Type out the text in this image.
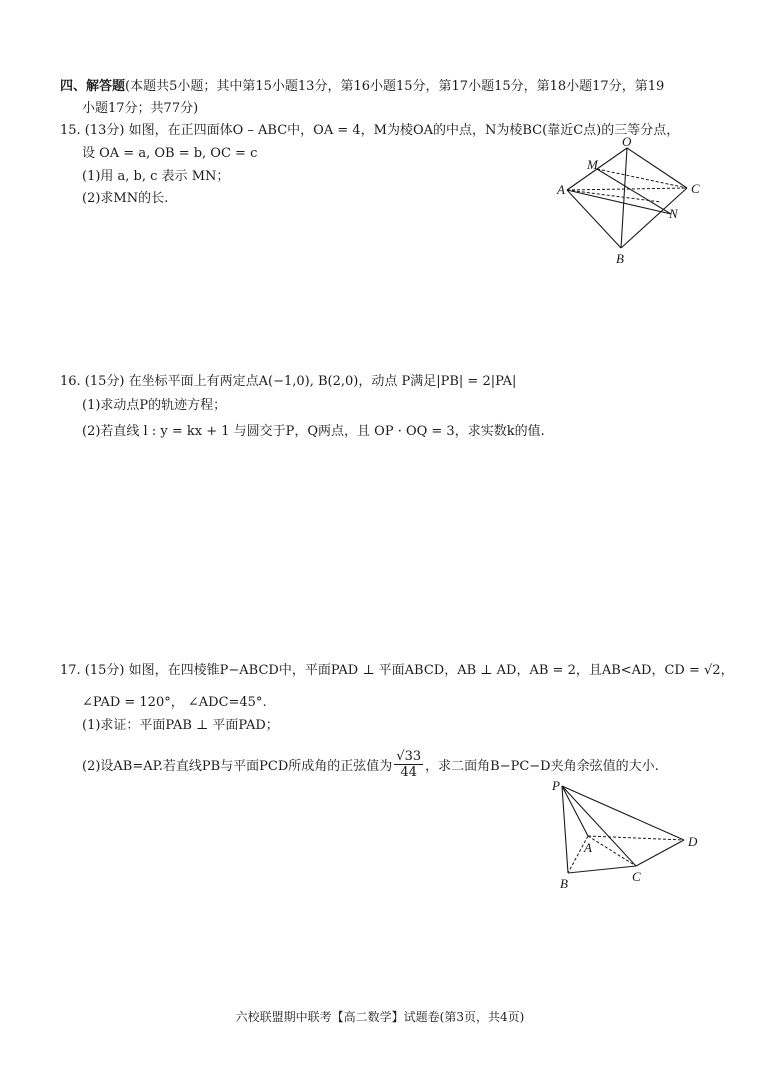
四、解答题(本题共5小题；其中第15小题13分，第16小题15分，第17小题15分，第18小题17分，第19
小题17分；共77分)
15. (13分) 如图，在正四面体O – ABC中，OA = 4，M为棱OA的中点，N为棱BC(靠近C点)的三等分点，
设 OA = a, OB = b, OC = c
(1)用 a, b, c 表示 MN；
(2)求MN的长.
O
M
A	C
N
B
16. (15分) 在坐标平面上有两定点A(−1,0), B(2,0)，动点 P满足|PB| = 2|PA|
(1)求动点P的轨迹方程；
(2)若直线 l : y = kx + 1 与圆交于P，Q两点，且 OP · OQ = 3，求实数k的值.
17. (15分) 如图，在四棱锥P−ABCD中，平面PAD ⊥ 平面ABCD，AB ⊥ AD，AB = 2，且AB<AD，CD = √2，
∠PAD = 120°， ∠ADC=45°.
(1)求证：平面PAB ⊥ 平面PAD；
(2)设AB=AP.若直线PB与平面PCD所成角的正弦值为 $\frac{√33}{44}$ ，求二面角B−PC−D夹角余弦值的大小.
P
A	D
B	C
六校联盟期中联考【高二数学】试题卷(第3页，共4页)
